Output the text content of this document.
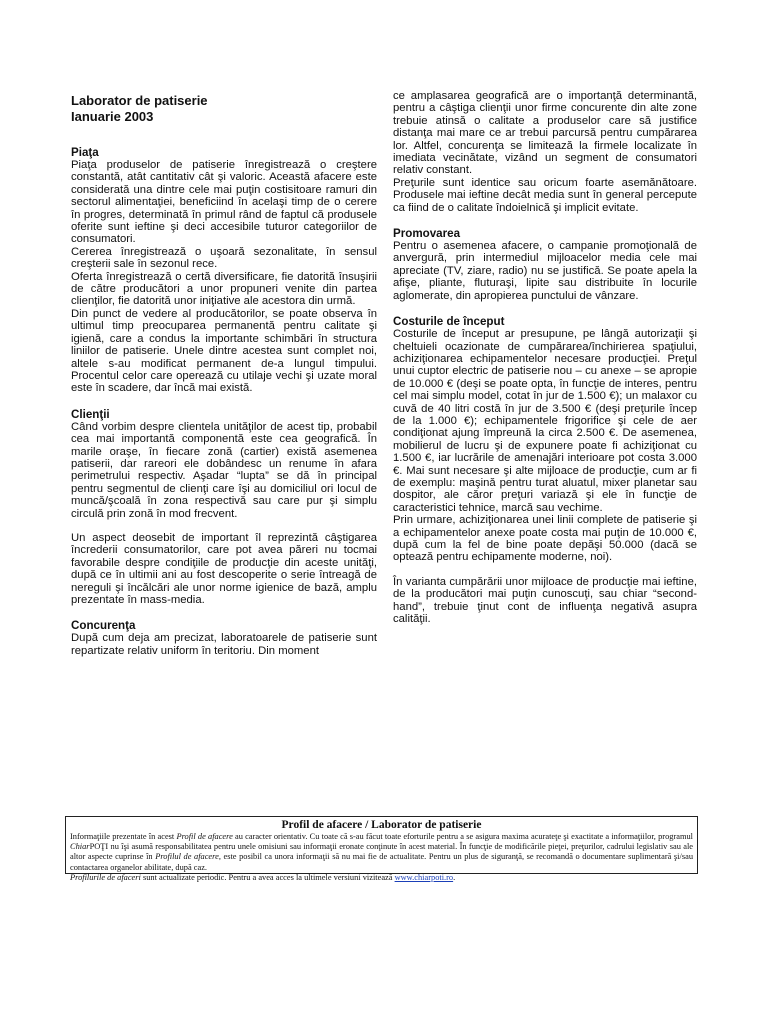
Laborator de patiserie
Ianuarie 2003

Piaţa

Piaţa produselor de patiserie înregistrează o creştere constantă, atât cantitativ cât şi valoric. Această afacere este considerată una dintre cele mai puţin costisitoare ramuri din sectorul alimentaţiei, beneficiind în acelaşi timp de o cerere în progres, determinată în primul rând de faptul că produsele oferite sunt ieftine şi deci accesibile tuturor categoriilor de consumatori.

Cererea înregistrează o uşoară sezonalitate, în sensul creşterii sale în sezonul rece.

Oferta înregistrează o certă diversificare, fie datorită însuşirii de către producători a unor propuneri venite din partea clienţilor, fie datorită unor iniţiative ale acestora din urmă.

Din punct de vedere al producătorilor, se poate observa în ultimul timp preocuparea permanentă pentru calitate şi igienă, care a condus la importante schimbări în structura liniilor de patiserie. Unele dintre acestea sunt complet noi, altele s-au modificat permanent de-a lungul timpului. Procentul celor care operează cu utilaje vechi şi uzate moral este în scadere, dar încă mai există.

Clienţii

Când vorbim despre clientela unităţilor de acest tip, probabil cea mai importantă componentă este cea geografică. În marile oraşe, în fiecare zonă (cartier) există asemenea patiserii, dar rareori ele dobândesc un renume în afara perimetrului respectiv. Aşadar “lupta” se dă în principal pentru segmentul de clienţi care îşi au domiciliul ori locul de muncă/şcoală în zona respectivă sau care pur şi simplu circulă prin zonă în mod frecvent.

Un aspect deosebit de important îl reprezintă câştigarea încrederii consumatorilor, care pot avea păreri nu tocmai favorabile despre condiţiile de producţie din aceste unităţi, după ce în ultimii ani au fost descoperite o serie întreagă de nereguli şi încălcări ale unor norme igienice de bază, amplu prezentate în mass-media.

Concurenţa

După cum deja am precizat, laboratoarele de patiserie sunt repartizate relativ uniform în teritoriu. Din moment

ce amplasarea geografică are o importanţă determinantă, pentru a câştiga clienţii unor firme concurente din alte zone trebuie atinsă o calitate a produselor care să justifice distanţa mai mare ce ar trebui parcursă pentru cumpărarea lor. Altfel, concurenţa se limitează la firmele localizate în imediata vecinătate, vizând un segment de consumatori relativ constant.

Preţurile sunt identice sau oricum foarte asemănătoare. Produsele mai ieftine decât media sunt în general percepute ca fiind de o calitate îndoielnică şi implicit evitate.

Promovarea

Pentru o asemenea afacere, o campanie promoţională de anvergură, prin intermediul mijloacelor media cele mai apreciate (TV, ziare, radio) nu se justifică. Se poate apela la afişe, pliante, fluturaşi, lipite sau distribuite în locurile aglomerate, din apropierea punctului de vânzare.

Costurile de început

Costurile de început ar presupune, pe lângă autorizaţii şi cheltuieli ocazionate de cumpărarea/închirierea spaţiului, achiziţionarea echipamentelor necesare producţiei. Preţul unui cuptor electric de patiserie nou – cu anexe – se apropie de 10.000 € (deşi se poate opta, în funcţie de interes, pentru cel mai simplu model, cotat în jur de 1.500 €); un malaxor cu cuvă de 40 litri costă în jur de 3.500 € (deşi preţurile încep de la 1.000 €); echipamentele frigorifice şi cele de aer condiţionat ajung împreună la circa 2.500 €. De asemenea, mobilierul de lucru şi de expunere poate fi achiziţionat cu 1.500 €, iar lucrările de amenajări interioare pot costa 3.000 €. Mai sunt necesare şi alte mijloace de producţie, cum ar fi de exemplu: maşină pentru turat aluatul, mixer planetar sau dospitor, ale căror preţuri variază şi ele în funcţie de caracteristici tehnice, marcă sau vechime.

Prin urmare, achiziţionarea unei linii complete de patiserie şi a echipamentelor anexe poate costa mai puţin de 10.000 €, după cum la fel de bine poate depăşi 50.000 (dacă se optează pentru echipamente moderne, noi).

În varianta cumpărării unor mijloace de producţie mai ieftine, de la producători mai puţin cunoscuţi, sau chiar “second-hand”, trebuie ţinut cont de influenţa negativă asupra calităţii.

Profil de afacere / Laborator de patiserie

Informaţiile prezentate în acest Profil de afacere au caracter orientativ. Cu toate că s-au făcut toate eforturile pentru a se asigura maxima acurateţe şi exactitate a informaţiilor, programul ChiarPOŢI nu îşi asumă responsabilitatea pentru unele omisiuni sau informaţii eronate conţinute în acest material. În funcţie de modificările pieţei, preţurilor, cadrului legislativ sau ale altor aspecte cuprinse în Profilul de afacere, este posibil ca unora informaţii să nu mai fie de actualitate. Pentru un plus de siguranţă, se recomandă o documentare suplimentară şi/sau contactarea organelor abilitate, după caz.

Profilurile de afaceri sunt actualizate periodic. Pentru a avea acces la ultimele versiuni vizitează www.chiarpoti.ro.
